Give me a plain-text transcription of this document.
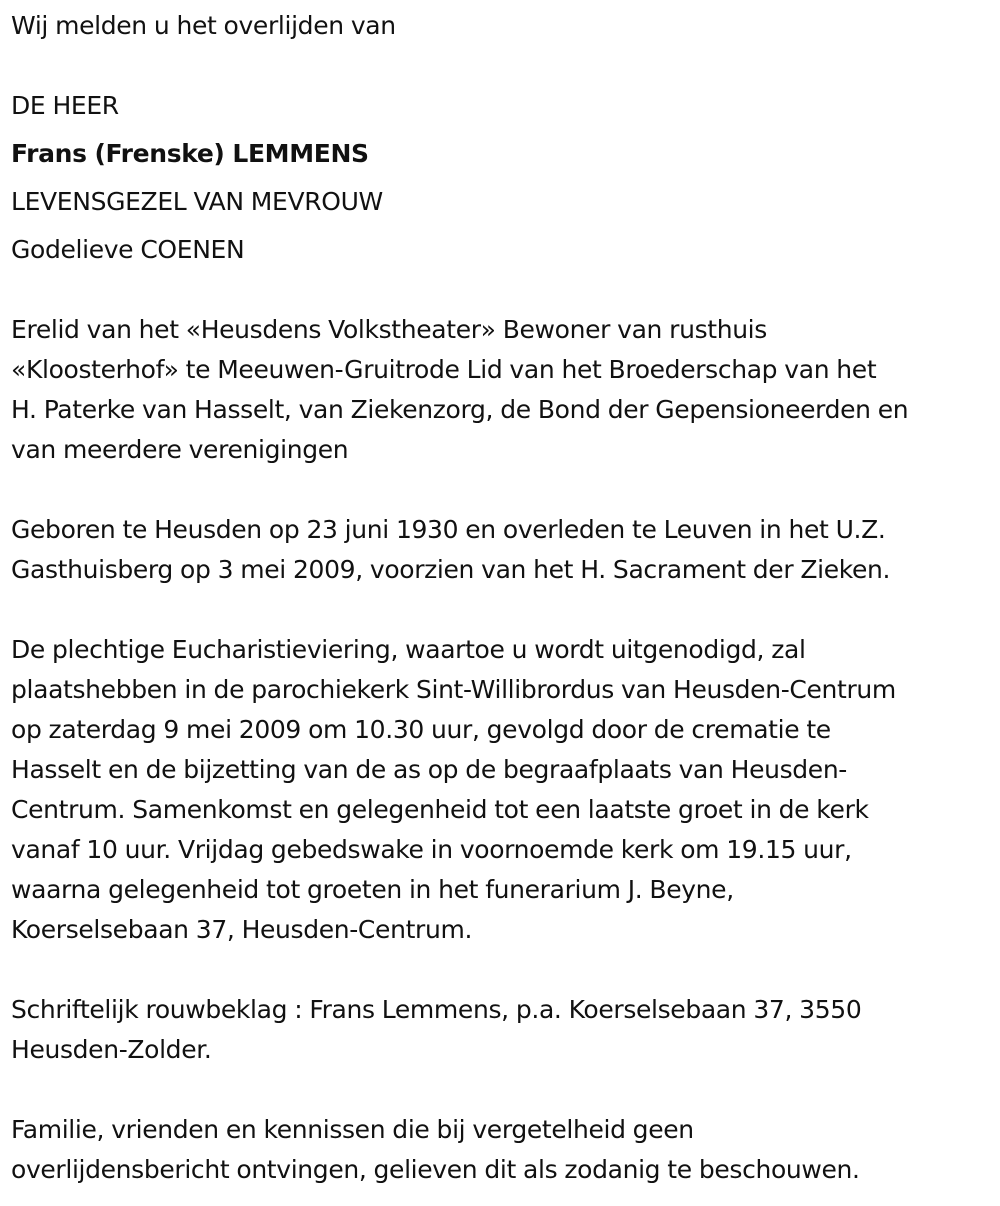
Wij melden u het overlijden van
DE HEER
Frans (Frenske) LEMMENS
LEVENSGEZEL VAN MEVROUW
Godelieve COENEN
Erelid van het «Heusdens Volkstheater» Bewoner van rusthuis
«Kloosterhof» te Meeuwen-Gruitrode Lid van het Broederschap van het
H. Paterke van Hasselt, van Ziekenzorg, de Bond der Gepensioneerden en
van meerdere verenigingen
Geboren te Heusden op 23 juni 1930 en overleden te Leuven in het U.Z.
Gasthuisberg op 3 mei 2009, voorzien van het H. Sacrament der Zieken.
De plechtige Eucharistieviering, waartoe u wordt uitgenodigd, zal
plaatshebben in de parochiekerk Sint-Willibrordus van Heusden-Centrum
op zaterdag 9 mei 2009 om 10.30 uur, gevolgd door de crematie te
Hasselt en de bijzetting van de as op de begraafplaats van Heusden-
Centrum. Samenkomst en gelegenheid tot een laatste groet in de kerk
vanaf 10 uur. Vrijdag gebedswake in voornoemde kerk om 19.15 uur,
waarna gelegenheid tot groeten in het funerarium J. Beyne,
Koerselsebaan 37, Heusden-Centrum.
Schriftelijk rouwbeklag : Frans Lemmens, p.a. Koerselsebaan 37, 3550
Heusden-Zolder.
Familie, vrienden en kennissen die bij vergetelheid geen
overlijdensbericht ontvingen, gelieven dit als zodanig te beschouwen.
